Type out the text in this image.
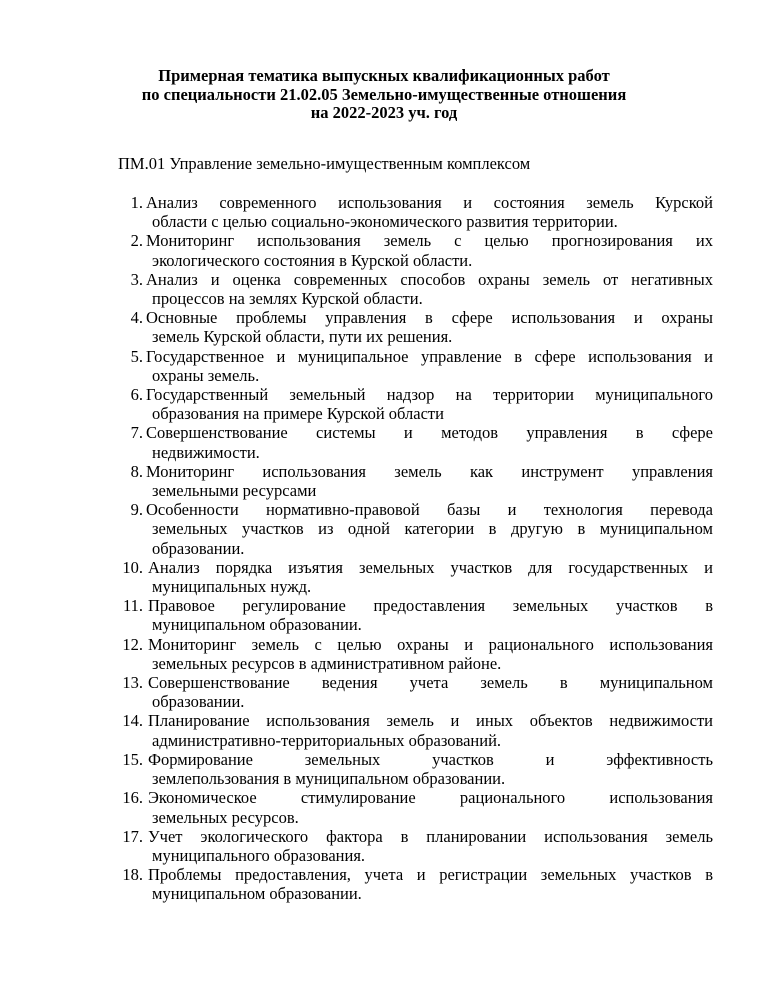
Примерная тематика выпускных квалификационных работ
по специальности 21.02.05 Земельно-имущественные отношения
на 2022-2023 уч. год
ПМ.01 Управление земельно-имущественным комплексом
1. Анализ современного использования и состояния земель Курской
области с целью социально-экономического развития территории.
2. Мониторинг использования земель с целью прогнозирования их
экологического состояния в Курской области.
3. Анализ и оценка современных способов охраны земель от негативных
процессов на землях Курской области.
4. Основные проблемы управления в сфере использования и охраны
земель Курской области, пути их решения.
5. Государственное и муниципальное управление в сфере использования и
охраны земель.
6. Государственный земельный надзор на территории муниципального
образования на примере Курской области
7. Совершенствование системы и методов управления в сфере
недвижимости.
8. Мониторинг использования земель как инструмент управления
земельными ресурсами
9. Особенности нормативно-правовой базы и технология перевода
земельных участков из одной категории в другую в муниципальном
образовании.
10. Анализ порядка изъятия земельных участков для государственных и
муниципальных нужд.
11. Правовое регулирование предоставления земельных участков в
муниципальном образовании.
12. Мониторинг земель с целью охраны и рационального использования
земельных ресурсов в административном районе.
13. Совершенствование ведения учета земель в муниципальном
образовании.
14. Планирование использования земель и иных объектов недвижимости
административно-территориальных образований.
15. Формирование земельных участков и эффективность
землепользования в муниципальном образовании.
16. Экономическое стимулирование рационального использования
земельных ресурсов.
17. Учет экологического фактора в планировании использования земель
муниципального образования.
18. Проблемы предоставления, учета и регистрации земельных участков в
муниципальном образовании.
